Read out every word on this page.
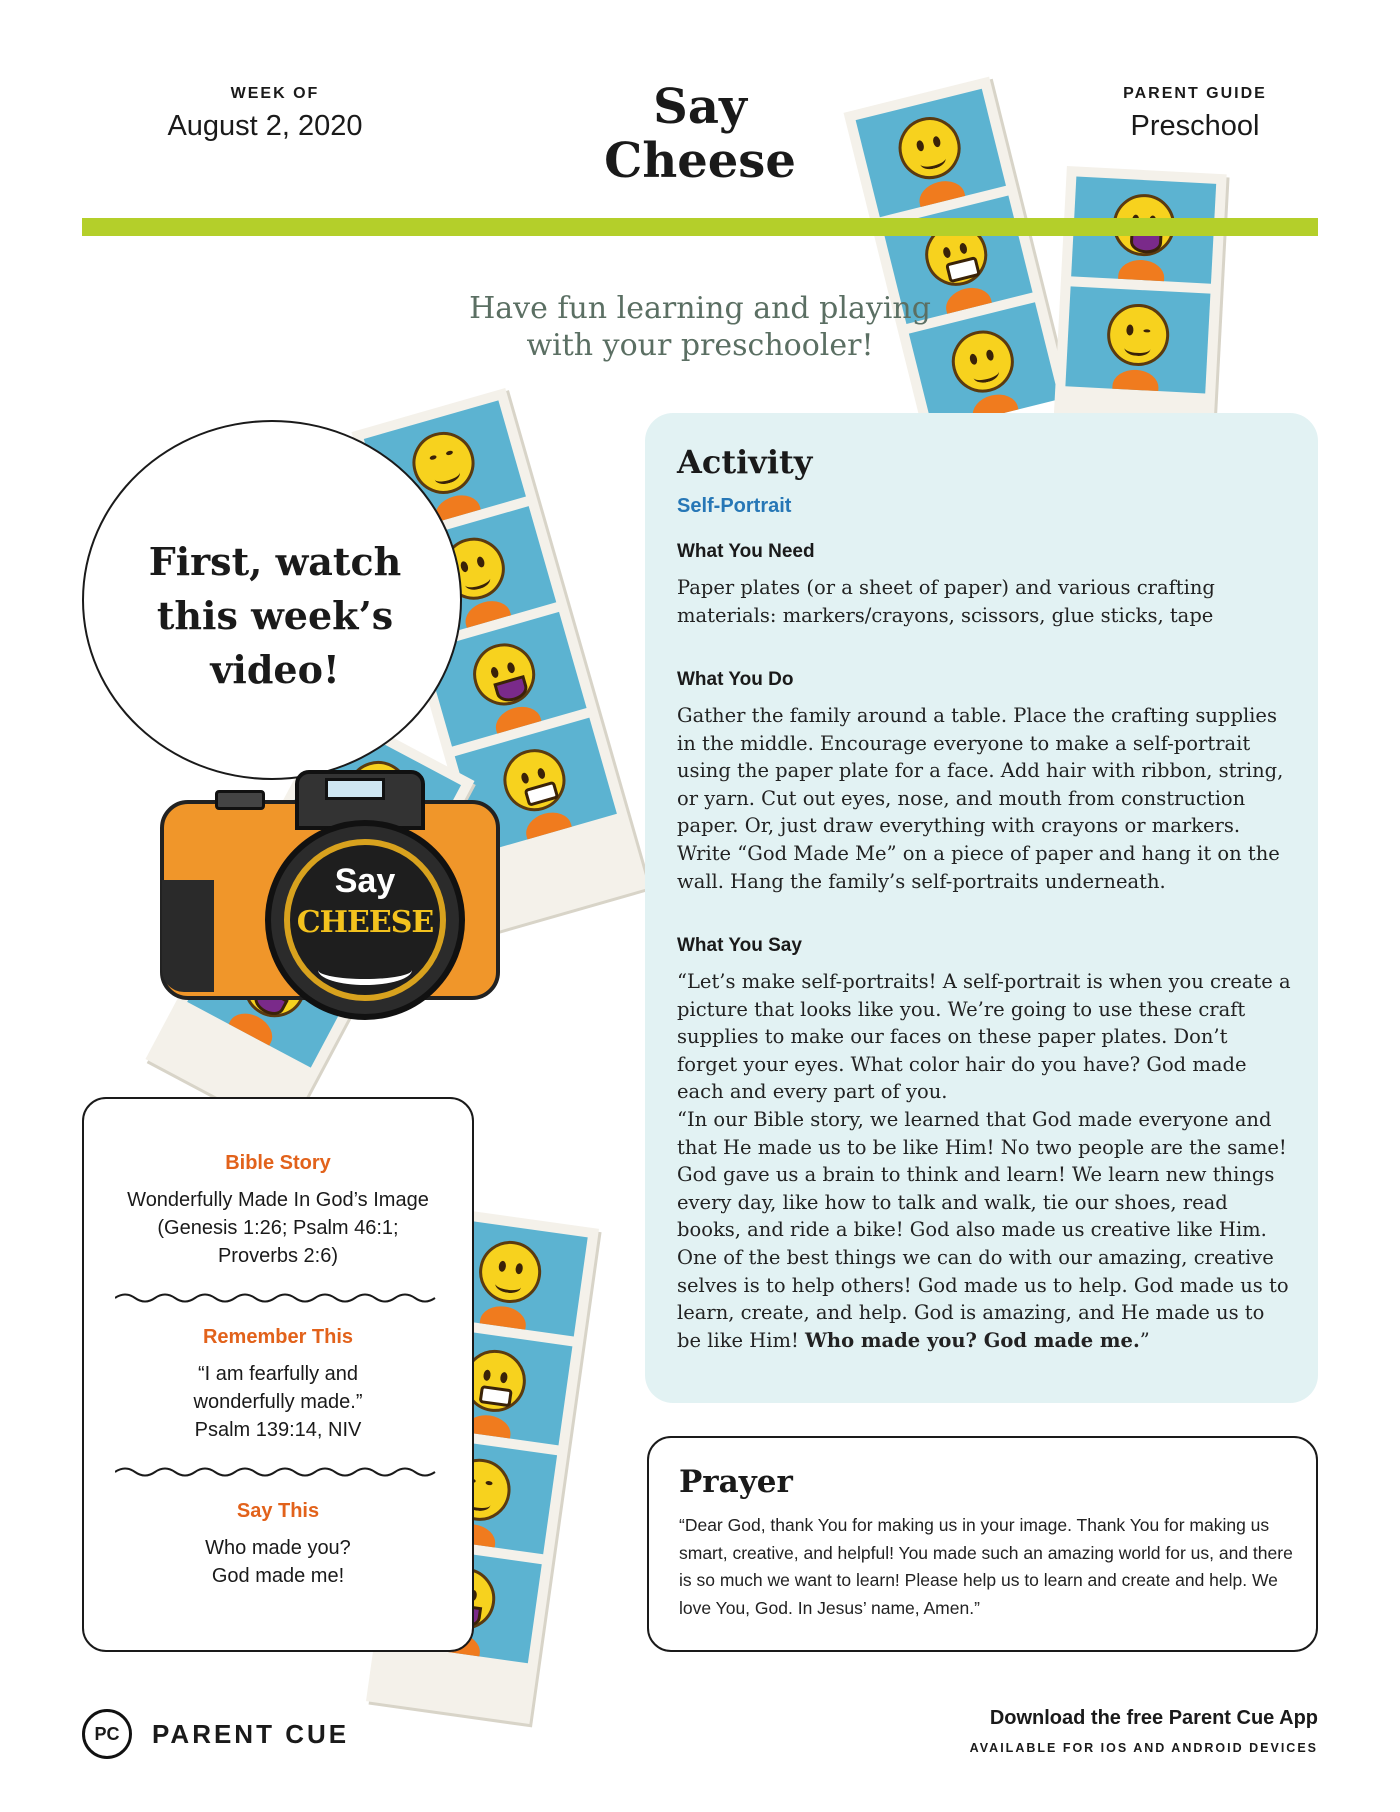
WEEK OF
August 2, 2020	Say
Cheese
PARENT GUIDE
Preschool
Have fun learning and playing
with your preschooler!
First, watch
this week’s
video!
Say
CHEESE
Bible Story
Wonderfully Made In God’s Image
(Genesis 1:26; Psalm 46:1;
Proverbs 2:6)
Remember This
“I am fearfully and
wonderfully made.”
Psalm 139:14, NIV
Say This
Who made you?
God made me!
Activity
Self-Portrait
What You Need
Paper plates (or a sheet of paper) and various crafting materials: markers/crayons, scissors, glue sticks, tape
What You Do
Gather the family around a table. Place the crafting supplies in the middle. Encourage everyone to make a self-portrait using the paper plate for a face. Add hair with ribbon, string, or yarn. Cut out eyes, nose, and mouth from construction paper. Or, just draw everything with crayons or markers. Write “God Made Me” on a piece of paper and hang it on the wall. Hang the family’s self-portraits underneath.
What You Say
“Let’s make self-portraits! A self-portrait is when you create a picture that looks like you. We’re going to use these craft supplies to make our faces on these paper plates. Don’t forget your eyes. What color hair do you have? God made each and every part of you.
“In our Bible story, we learned that God made everyone and that He made us to be like Him! No two people are the same! God gave us a brain to think and learn! We learn new things every day, like how to talk and walk, tie our shoes, read books, and ride a bike! God also made us creative like Him. One of the best things we can do with our amazing, creative selves is to help others! God made us to help. God made us to learn, create, and help. God is amazing, and He made us to be like Him! Who made you? God made me.”
Prayer
“Dear God, thank You for making us in your image. Thank You for making us smart, creative, and helpful! You made such an amazing world for us, and there is so much we want to learn! Please help us to learn and create and help. We love You, God. In Jesus’ name, Amen.”
PC	PARENT CUE
Download the free Parent Cue App
AVAILABLE FOR IOS AND ANDROID DEVICES
